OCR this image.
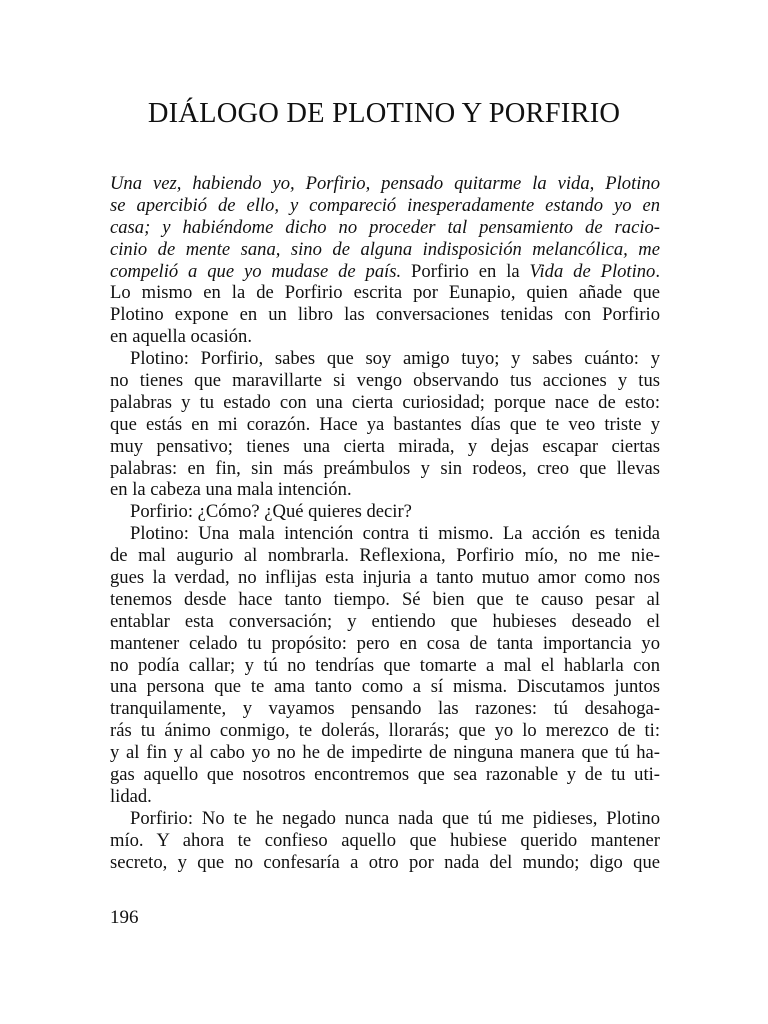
DIÁLOGO DE PLOTINO Y PORFIRIO
Una vez, habiendo yo, Porfirio, pensado quitarme la vida, Plotino
se apercibió de ello, y compareció inesperadamente estando yo en
casa; y habiéndome dicho no proceder tal pensamiento de racio-
cinio de mente sana, sino de alguna indisposición melancólica, me
compelió a que yo mudase de país. Porfirio en la Vida de Plotino.
Lo mismo en la de Porfirio escrita por Eunapio, quien añade que
Plotino expone en un libro las conversaciones tenidas con Porfirio
en aquella ocasión.
Plotino: Porfirio, sabes que soy amigo tuyo; y sabes cuánto: y
no tienes que maravillarte si vengo observando tus acciones y tus
palabras y tu estado con una cierta curiosidad; porque nace de esto:
que estás en mi corazón. Hace ya bastantes días que te veo triste y
muy pensativo; tienes una cierta mirada, y dejas escapar ciertas
palabras: en fin, sin más preámbulos y sin rodeos, creo que llevas
en la cabeza una mala intención.
Porfirio: ¿Cómo? ¿Qué quieres decir?
Plotino: Una mala intención contra ti mismo. La acción es tenida
de mal augurio al nombrarla. Reflexiona, Porfirio mío, no me nie-
gues la verdad, no inflijas esta injuria a tanto mutuo amor como nos
tenemos desde hace tanto tiempo. Sé bien que te causo pesar al
entablar esta conversación; y entiendo que hubieses deseado el
mantener celado tu propósito: pero en cosa de tanta importancia yo
no podía callar; y tú no tendrías que tomarte a mal el hablarla con
una persona que te ama tanto como a sí misma. Discutamos juntos
tranquilamente, y vayamos pensando las razones: tú desahoga-
rás tu ánimo conmigo, te dolerás, llorarás; que yo lo merezco de ti:
y al fin y al cabo yo no he de impedirte de ninguna manera que tú ha-
gas aquello que nosotros encontremos que sea razonable y de tu uti-
lidad.
Porfirio: No te he negado nunca nada que tú me pidieses, Plotino
mío. Y ahora te confieso aquello que hubiese querido mantener
secreto, y que no confesaría a otro por nada del mundo; digo que
196
